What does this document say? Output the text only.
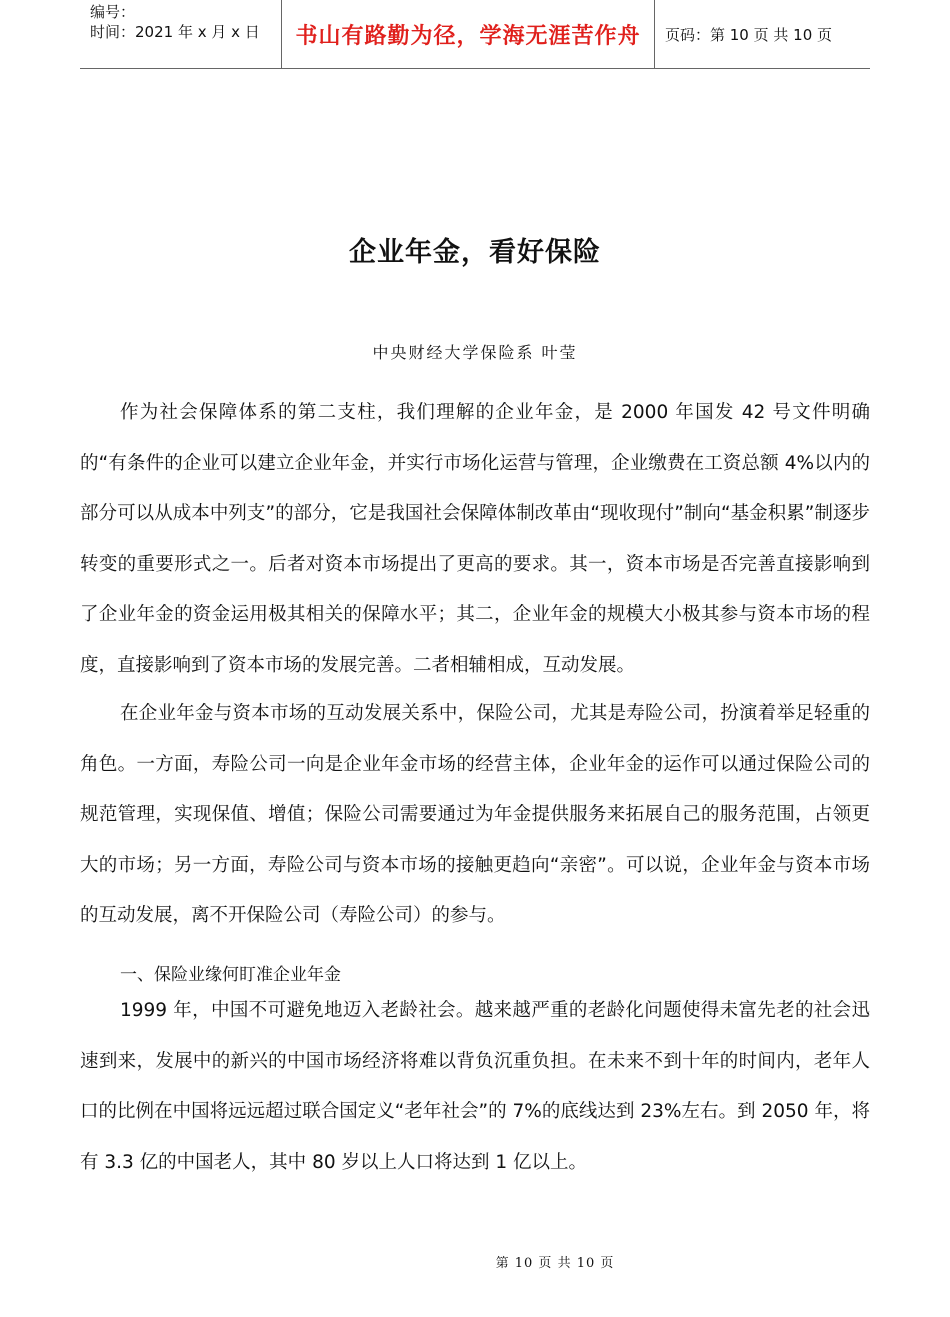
编号：
时间：2021 年 x 月 x 日	书山有路勤为径，学海无涯苦作舟	页码：第 10 页 共 10 页
企业年金，看好保险
中央财经大学保险系 叶莹

作为社会保障体系的第二支柱，我们理解的企业年金，是 2000 年国发 42 号文件明确的“有条件的企业可以建立企业年金，并实行市场化运营与管理，企业缴费在工资总额 4%以内的部分可以从成本中列支”的部分，它是我国社会保障体制改革由“现收现付”制向“基金积累”制逐步转变的重要形式之一。后者对资本市场提出了更高的要求。其一，资本市场是否完善直接影响到了企业年金的资金运用极其相关的保障水平；其二，企业年金的规模大小极其参与资本市场的程度，直接影响到了资本市场的发展完善。二者相辅相成，互动发展。

在企业年金与资本市场的互动发展关系中，保险公司，尤其是寿险公司，扮演着举足轻重的角色。一方面，寿险公司一向是企业年金市场的经营主体，企业年金的运作可以通过保险公司的规范管理，实现保值、增值；保险公司需要通过为年金提供服务来拓展自己的服务范围，占领更大的市场；另一方面，寿险公司与资本市场的接触更趋向“亲密”。可以说，企业年金与资本市场的互动发展，离不开保险公司（寿险公司）的参与。

一、保险业缘何盯准企业年金

1999 年，中国不可避免地迈入老龄社会。越来越严重的老龄化问题使得未富先老的社会迅速到来，发展中的新兴的中国市场经济将难以背负沉重负担。在未来不到十年的时间内，老年人口的比例在中国将远远超过联合国定义“老年社会”的 7%的底线达到 23%左右。到 2050 年，将有 3.3 亿的中国老人，其中 80 岁以上人口将达到 1 亿以上。

第 10 页 共 10 页
